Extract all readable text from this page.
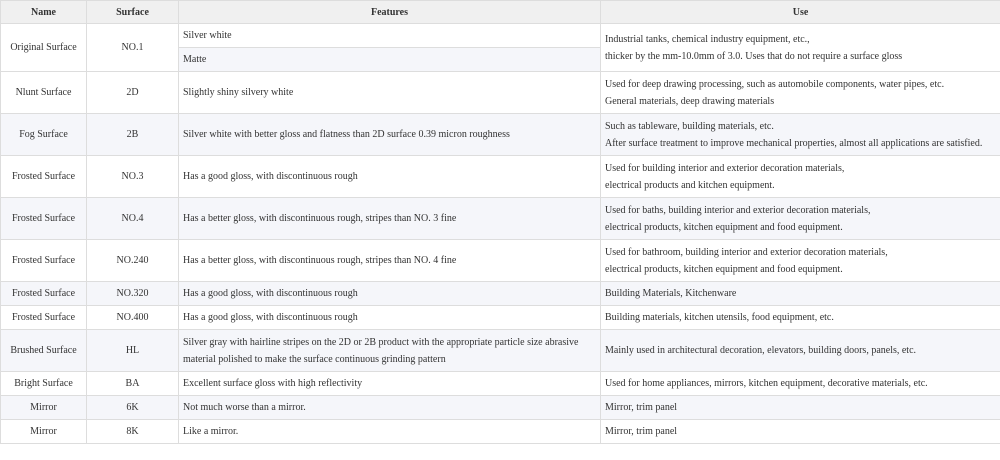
Name	Surface	Features	Use
Original Surface	NO.1	Silver white	Industrial tanks, chemical industry equipment, etc.,
thicker by the mm-10.0mm of 3.0. Uses that do not require a surface gloss

		Matte	

Nlunt Surface	2D	Slightly shiny silvery white	Used for deep drawing processing, such as automobile components, water pipes, etc.
General materials, deep drawing materials

Fog Surface	2B	Silver white with better gloss and flatness than 2D surface 0.39 micron roughness	Such as tableware, building materials, etc.
After surface treatment to improve mechanical properties, almost all applications are satisfied.

Frosted Surface	NO.3	Has a good gloss, with discontinuous rough	Used for building interior and exterior decoration materials,
electrical products and kitchen equipment.

Frosted Surface	NO.4	Has a better gloss, with discontinuous rough, stripes than NO. 3 fine	Used for baths, building interior and exterior decoration materials,
electrical products, kitchen equipment and food equipment.

Frosted Surface	NO.240	Has a better gloss, with discontinuous rough, stripes than NO. 4 fine	Used for bathroom, building interior and exterior decoration materials,
electrical products, kitchen equipment and food equipment.

Frosted Surface	NO.320	Has a good gloss, with discontinuous rough	Building Materials, Kitchenware

Frosted Surface	NO.400	Has a good gloss, with discontinuous rough	Building materials, kitchen utensils, food equipment, etc.

Brushed Surface	HL	Silver gray with hairline stripes on the 2D or 2B product with the appropriate particle size abrasive
material polished to make the surface continuous grinding pattern	Mainly used in architectural decoration, elevators, building doors, panels, etc.

Bright Surface	BA	Excellent surface gloss with high reflectivity	Used for home appliances, mirrors, kitchen equipment, decorative materials, etc.

Mirror	6K	Not much worse than a mirror.	Mirror, trim panel

Mirror	8K	Like a mirror.	Mirror, trim panel
